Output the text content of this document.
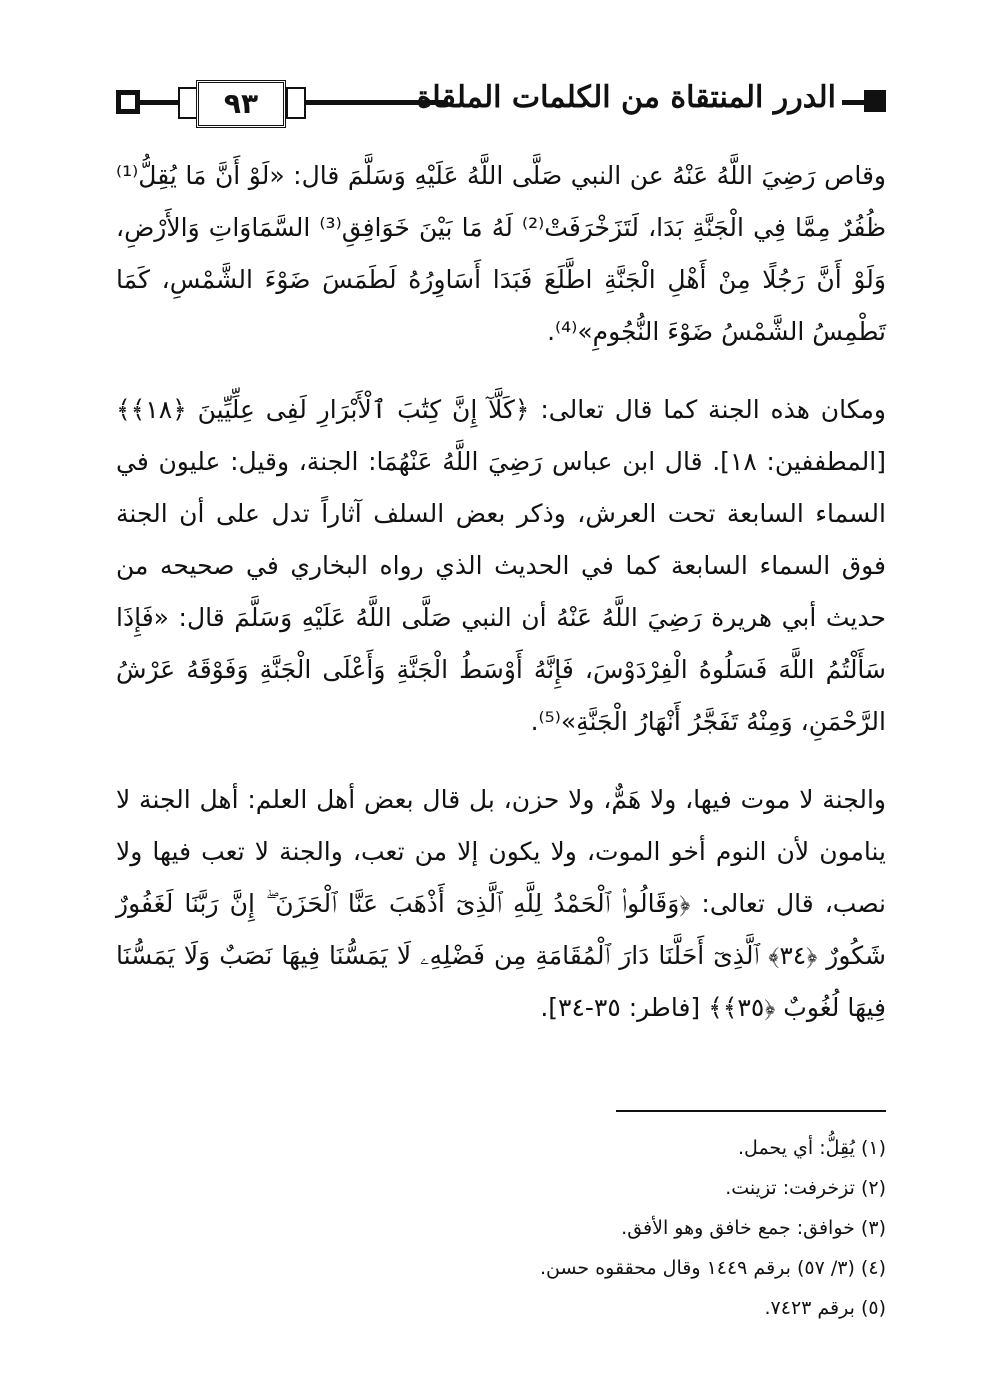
٩٣	الدرر المنتقاة من الكلمات الملقاة

وقاص رَضِيَ اللَّهُ عَنْهُ عن النبي صَلَّى اللَّهُ عَلَيْهِ وَسَلَّمَ قال: «لَوْ أَنَّ مَا يُقِلُّ⁽¹⁾ ظُفُرٌ مِمَّا فِي الْجَنَّةِ بَدَا، لَتَزَخْرَفَتْ⁽²⁾ لَهُ مَا بَيْنَ خَوَافِقِ⁽³⁾ السَّمَاوَاتِ وَالأَرْضِ، وَلَوْ أَنَّ رَجُلًا مِنْ أَهْلِ الْجَنَّةِ اطَّلَعَ فَبَدَا أَسَاوِرُهُ لَطَمَسَ ضَوْءَ الشَّمْسِ، كَمَا تَطْمِسُ الشَّمْسُ ضَوْءَ النُّجُومِ»⁽⁴⁾.

ومكان هذه الجنة كما قال تعالى: ﴿كَلَّآ إِنَّ كِتَٰبَ ٱلْأَبْرَارِ لَفِى عِلِّيِّينَ ﴿١٨﴾﴾ [المطففين: ١٨]. قال ابن عباس رَضِيَ اللَّهُ عَنْهُمَا: الجنة، وقيل: عليون في السماء السابعة تحت العرش، وذكر بعض السلف آثاراً تدل على أن الجنة فوق السماء السابعة كما في الحديث الذي رواه البخاري في صحيحه من حديث أبي هريرة رَضِيَ اللَّهُ عَنْهُ أن النبي صَلَّى اللَّهُ عَلَيْهِ وَسَلَّمَ قال: «فَإِذَا سَأَلْتُمُ اللَّهَ فَسَلُوهُ الْفِرْدَوْسَ، فَإِنَّهُ أَوْسَطُ الْجَنَّةِ وَأَعْلَى الْجَنَّةِ وَفَوْقَهُ عَرْشُ الرَّحْمَنِ، وَمِنْهُ تَفَجَّرُ أَنْهَارُ الْجَنَّةِ»⁽⁵⁾.

والجنة لا موت فيها، ولا هَمٌّ، ولا حزن، بل قال بعض أهل العلم: أهل الجنة لا ينامون لأن النوم أخو الموت، ولا يكون إلا من تعب، والجنة لا تعب فيها ولا نصب، قال تعالى: ﴿وَقَالُوا۟ ٱلْحَمْدُ لِلَّهِ ٱلَّذِىٓ أَذْهَبَ عَنَّا ٱلْحَزَنَ ۖ إِنَّ رَبَّنَا لَغَفُورٌ شَكُورٌ ﴿٣٤﴾ ٱلَّذِىٓ أَحَلَّنَا دَارَ ٱلْمُقَامَةِ مِن فَضْلِهِۦ لَا يَمَسُّنَا فِيهَا نَصَبٌ وَلَا يَمَسُّنَا فِيهَا لُغُوبٌ ﴿٣٥﴾﴾ [فاطر: ٣٥-٣٤].

(١) يُقِلُّ: أي يحمل.
(٢) تزخرفت: تزينت.
(٣) خوافق: جمع خافق وهو الأفق.
(٤) (٣/ ٥٧) برقم ١٤٤٩ وقال محققوه حسن.
(٥) برقم ٧٤٢٣.
